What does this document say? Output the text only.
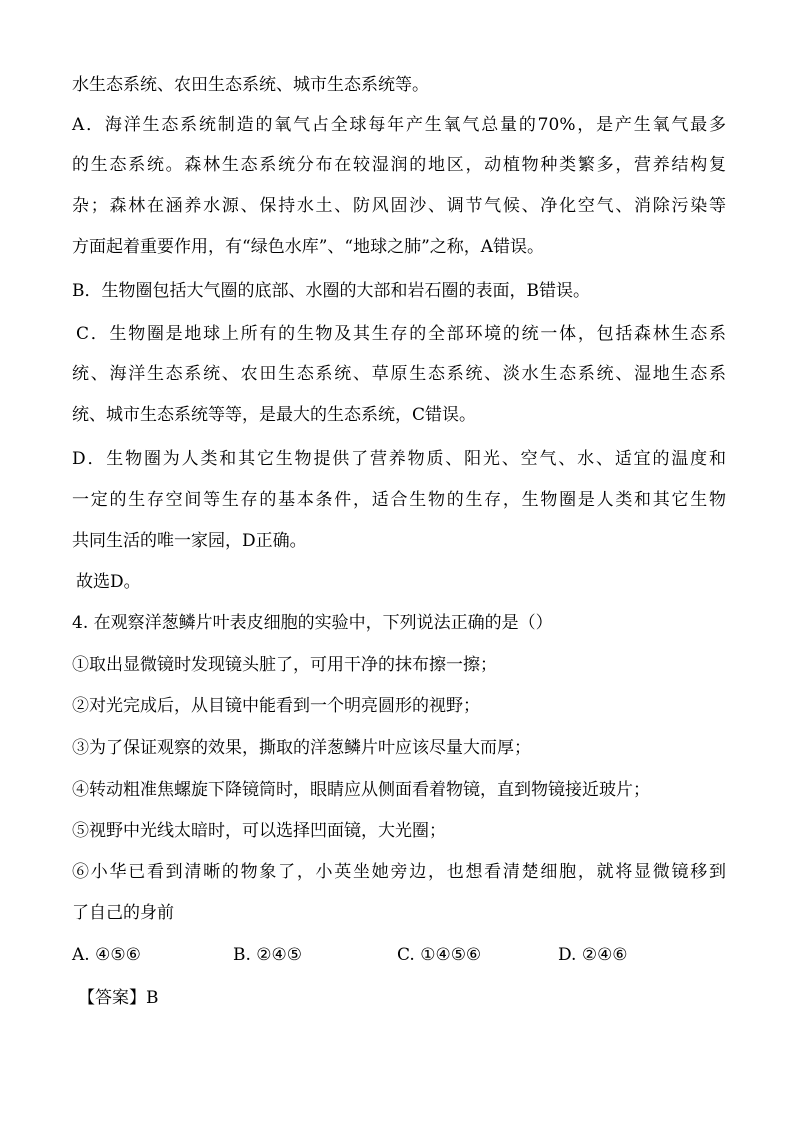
水生态系统、农田生态系统、城市生态系统等。
A．海洋生态系统制造的氧气占全球每年产生氧气总量的70%，是产生氧气最多
的生态系统。森林生态系统分布在较湿润的地区，动植物种类繁多，营养结构复
杂；森林在涵养水源、保持水土、防风固沙、调节气候、净化空气、消除污染等
方面起着重要作用，有“绿色水库”、“地球之肺”之称，A错误。
B．生物圈包括大气圈的底部、水圈的大部和岩石圈的表面，B错误。
C．生物圈是地球上所有的生物及其生存的全部环境的统一体，包括森林生态系
统、海洋生态系统、农田生态系统、草原生态系统、淡水生态系统、湿地生态系
统、城市生态系统等等，是最大的生态系统，C错误。
D．生物圈为人类和其它生物提供了营养物质、阳光、空气、水、适宜的温度和
一定的生存空间等生存的基本条件，适合生物的生存，生物圈是人类和其它生物
共同生活的唯一家园，D正确。
故选D。
4. 在观察洋葱鳞片叶表皮细胞的实验中，下列说法正确的是（）
①取出显微镜时发现镜头脏了，可用干净的抹布擦一擦；
②对光完成后，从目镜中能看到一个明亮圆形的视野；
③为了保证观察的效果，撕取的洋葱鳞片叶应该尽量大而厚；
④转动粗准焦螺旋下降镜筒时，眼睛应从侧面看着物镜，直到物镜接近玻片；
⑤视野中光线太暗时，可以选择凹面镜，大光圈；
⑥小华已看到清晰的物象了，小英坐她旁边，也想看清楚细胞，就将显微镜移到
了自己的身前
A. ④⑤⑥	B. ②④⑤	C. ①④⑤⑥	D. ②④⑥
【答案】B
